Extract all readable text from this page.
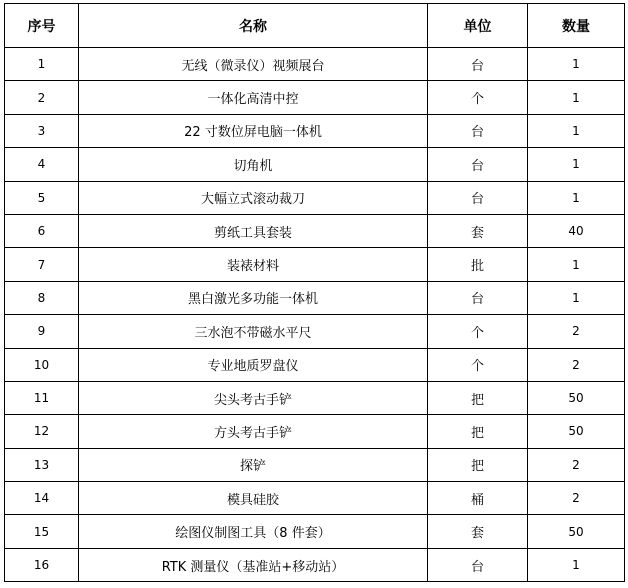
序号	名称	单位	数量
1	无线（微录仪）视频展台	台	1
2	一体化高清中控	个	1
3	22 寸数位屏电脑一体机	台	1
4	切角机	台	1
5	大幅立式滚动裁刀	台	1
6	剪纸工具套装	套	40
7	装裱材料	批	1
8	黑白激光多功能一体机	台	1
9	三水泡不带磁水平尺	个	2
10	专业地质罗盘仪	个	2
11	尖头考古手铲	把	50
12	方头考古手铲	把	50
13	探铲	把	2
14	模具硅胶	桶	2
15	绘图仪制图工具（8 件套）	套	50
16	RTK 测量仪（基准站+移动站）	台	1
